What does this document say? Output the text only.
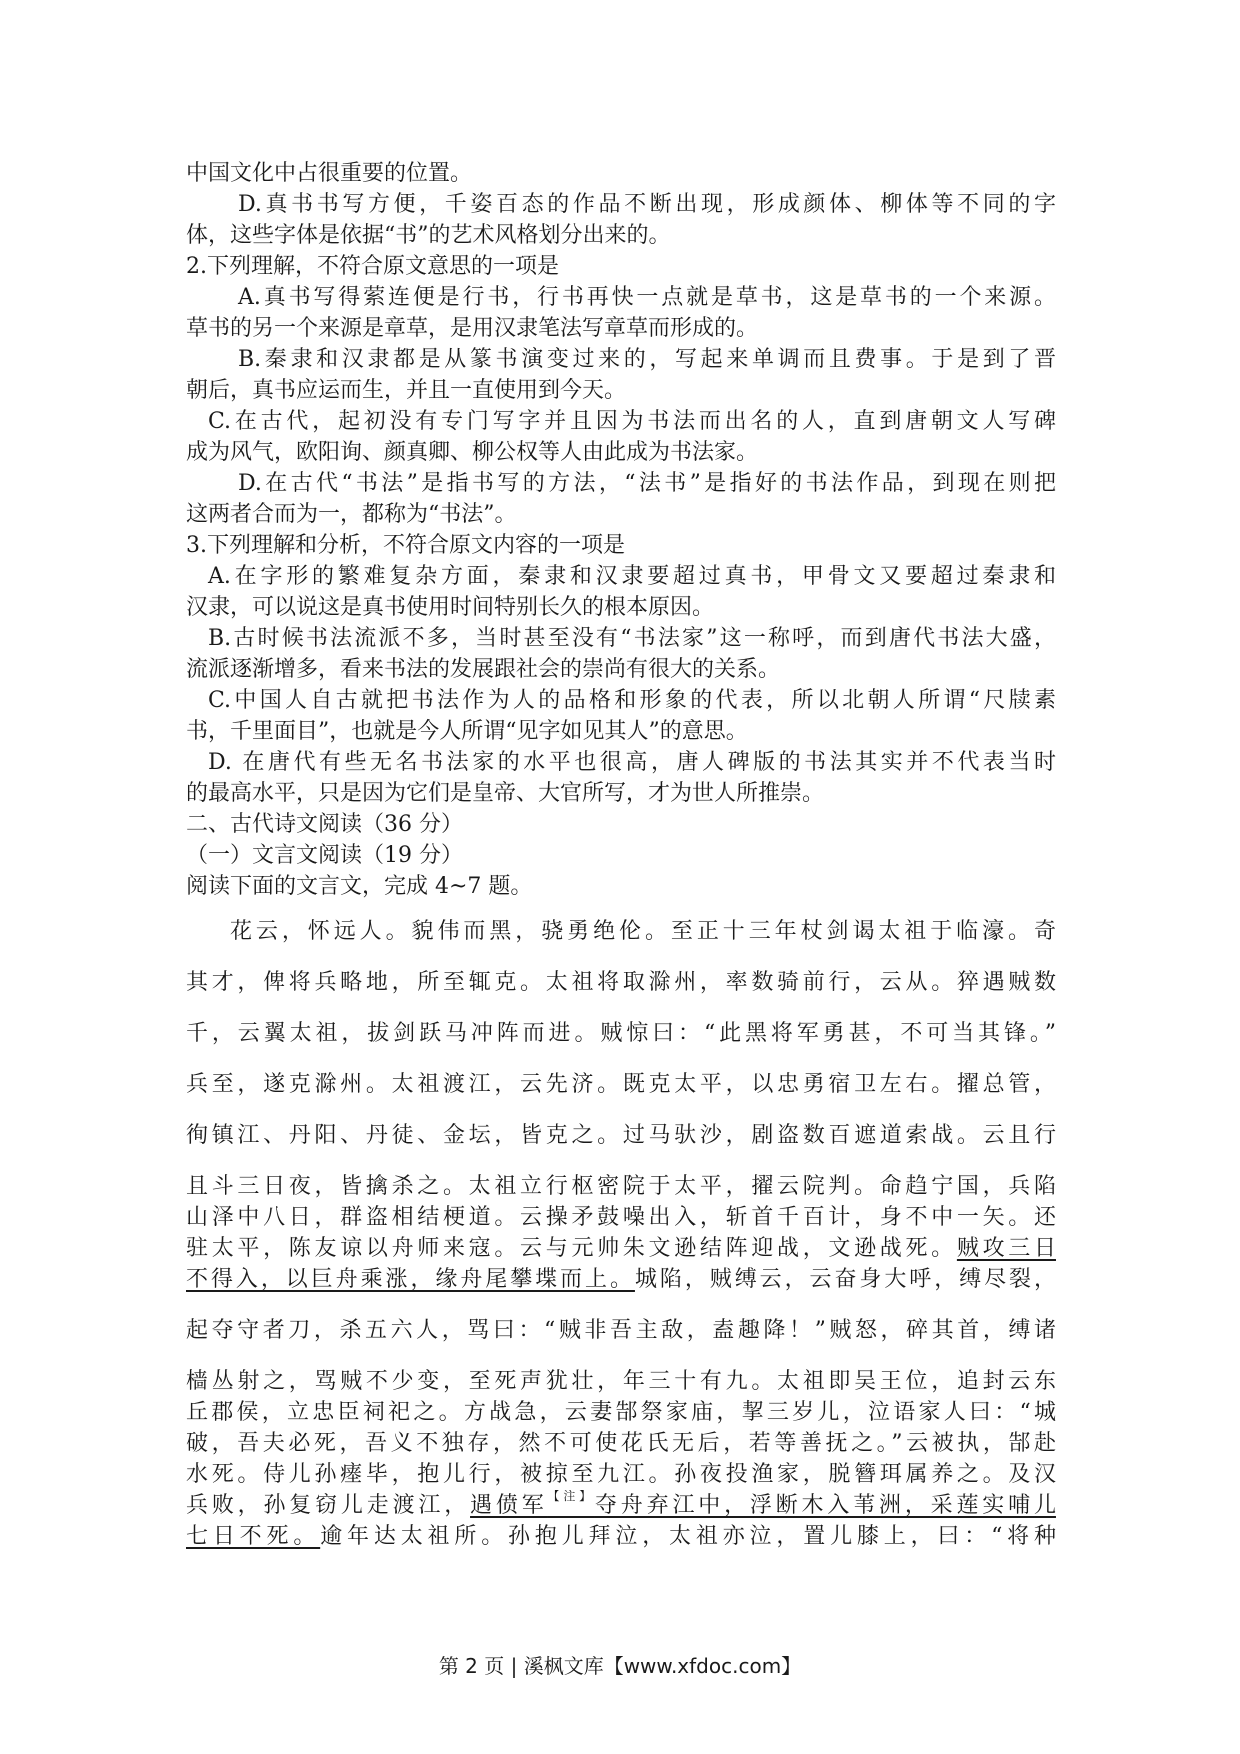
中国文化中占很重要的位置。
D.真书书写方便，千姿百态的作品不断出现，形成颜体、柳体等不同的字
体，这些字体是依据“书”的艺术风格划分出来的。
2.下列理解，不符合原文意思的一项是
A.真书写得萦连便是行书，行书再快一点就是草书，这是草书的一个来源。
草书的另一个来源是章草，是用汉隶笔法写章草而形成的。
B.秦隶和汉隶都是从篆书演变过来的，写起来单调而且费事。于是到了晋
朝后，真书应运而生，并且一直使用到今天。
C.在古代，起初没有专门写字并且因为书法而出名的人，直到唐朝文人写碑
成为风气，欧阳询、颜真卿、柳公权等人由此成为书法家。
D.在古代“书法”是指书写的方法，“法书”是指好的书法作品，到现在则把
这两者合而为一，都称为“书法”。
3.下列理解和分析，不符合原文内容的一项是
A.在字形的繁难复杂方面，秦隶和汉隶要超过真书，甲骨文又要超过秦隶和
汉隶，可以说这是真书使用时间特别长久的根本原因。
B.古时候书法流派不多，当时甚至没有“书法家”这一称呼，而到唐代书法大盛，
流派逐渐增多，看来书法的发展跟社会的崇尚有很大的关系。
C.中国人自古就把书法作为人的品格和形象的代表，所以北朝人所谓“尺牍素
书，千里面目”，也就是今人所谓“见字如见其人”的意思。
D. 在唐代有些无名书法家的水平也很高，唐人碑版的书法其实并不代表当时
的最高水平，只是因为它们是皇帝、大官所写，才为世人所推崇。
二、古代诗文阅读（36 分）
（一）文言文阅读（19 分）
阅读下面的文言文，完成 4~7 题。
花云，怀远人。貌伟而黑，骁勇绝伦。至正十三年杖剑谒太祖于临濠。奇
其才，俾将兵略地，所至辄克。太祖将取滁州，率数骑前行，云从。猝遇贼数
千，云翼太祖，拔剑跃马冲阵而进。贼惊曰：“此黑将军勇甚，不可当其锋。”
兵至，遂克滁州。太祖渡江，云先济。既克太平，以忠勇宿卫左右。擢总管，
徇镇江、丹阳、丹徒、金坛，皆克之。过马驮沙，剧盗数百遮道索战。云且行
且斗三日夜，皆擒杀之。太祖立行枢密院于太平，擢云院判。命趋宁国，兵陷
山泽中八日，群盗相结梗道。云操矛鼓噪出入，斩首千百计，身不中一矢。还
驻太平，陈友谅以舟师来寇。云与元帅朱文逊结阵迎战，文逊战死。贼攻三日
不得入，以巨舟乘涨，缘舟尾攀堞而上。城陷，贼缚云，云奋身大呼，缚尽裂，
起夺守者刀，杀五六人，骂曰：“贼非吾主敌，盍趣降！”贼怒，碎其首，缚诸
樯丛射之，骂贼不少变，至死声犹壮，年三十有九。太祖即吴王位，追封云东
丘郡侯，立忠臣祠祀之。方战急，云妻郜祭家庙，挈三岁儿，泣语家人曰：“城
破，吾夫必死，吾义不独存，然不可使花氏无后，若等善抚之。”云被执，郜赴
水死。侍儿孙瘗毕，抱儿行，被掠至九江。孙夜投渔家，脱簪珥属养之。及汉
兵败，孙复窃儿走渡江，遇偾军$^{【注】}$夺舟弃江中，浮断木入苇洲，采莲实哺儿
七日不死。逾年达太祖所。孙抱儿拜泣，太祖亦泣，置儿膝上，曰：“将种
第 2 页 | 溪枫文库【www.xfdoc.com】
